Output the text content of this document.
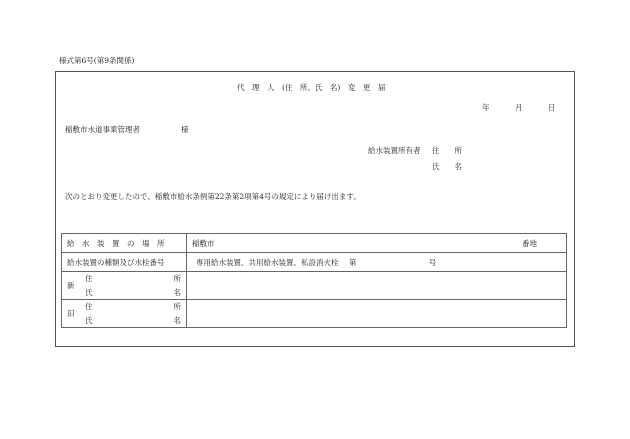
様式第6号(第9条関係)
代　理　人　(住　所、氏　名)　変　更　届
年	月	日
稲敷市水道事業管理者	様
給水装置所有者 住　　所
氏　　名
次のとおり変更したので、稲敷市給水条例第22条第2項第4号の規定により届け出ます。
給　水　装　置　の　場　所	稲敷市 番地

給水装置の種類及び水栓番号	専用給水装置、共用給水装置、私設消火栓 第 号

新
住 所
氏 名	

旧
住 所
氏 名	
